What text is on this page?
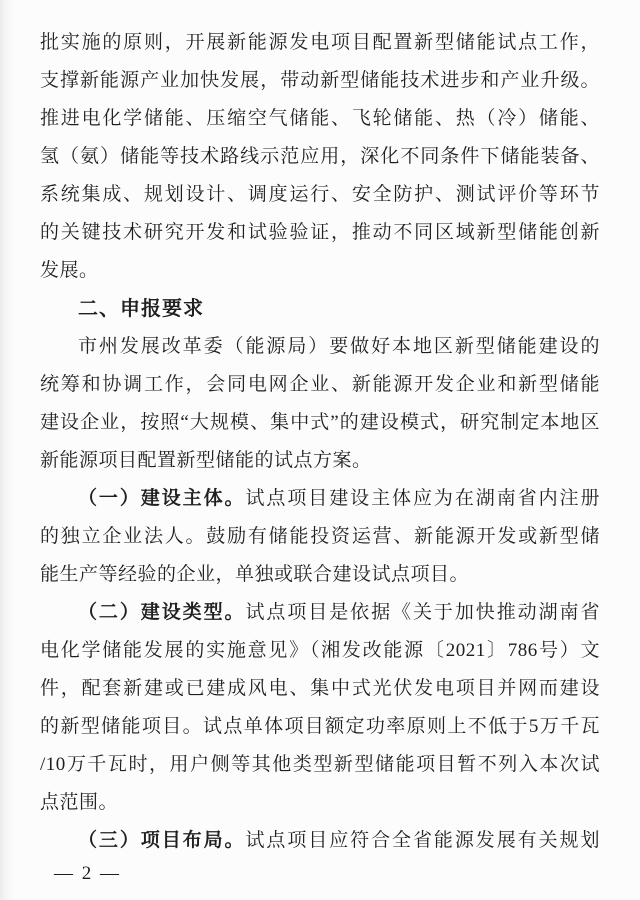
批实施的原则，开展新能源发电项目配置新型储能试点工作，
支撑新能源产业加快发展，带动新型储能技术进步和产业升级。
推进电化学储能、压缩空气储能、飞轮储能、热（冷）储能、
氢（氨）储能等技术路线示范应用，深化不同条件下储能装备、
系统集成、规划设计、调度运行、安全防护、测试评价等环节
的关键技术研究开发和试验验证，推动不同区域新型储能创新
发展。
二、申报要求
市州发展改革委（能源局）要做好本地区新型储能建设的
统筹和协调工作，会同电网企业、新能源开发企业和新型储能
建设企业，按照“大规模、集中式”的建设模式，研究制定本地区
新能源项目配置新型储能的试点方案。
（一）建设主体。试点项目建设主体应为在湖南省内注册
的独立企业法人。鼓励有储能投资运营、新能源开发或新型储
能生产等经验的企业，单独或联合建设试点项目。
（二）建设类型。试点项目是依据《关于加快推动湖南省
电化学储能发展的实施意见》（湘发改能源〔2021〕786号）文
件，配套新建或已建成风电、集中式光伏发电项目并网而建设
的新型储能项目。试点单体项目额定功率原则上不低于5万千瓦
/10万千瓦时，用户侧等其他类型新型储能项目暂不列入本次试
点范围。
（三）项目布局。试点项目应符合全省能源发展有关规划
— 2 —
